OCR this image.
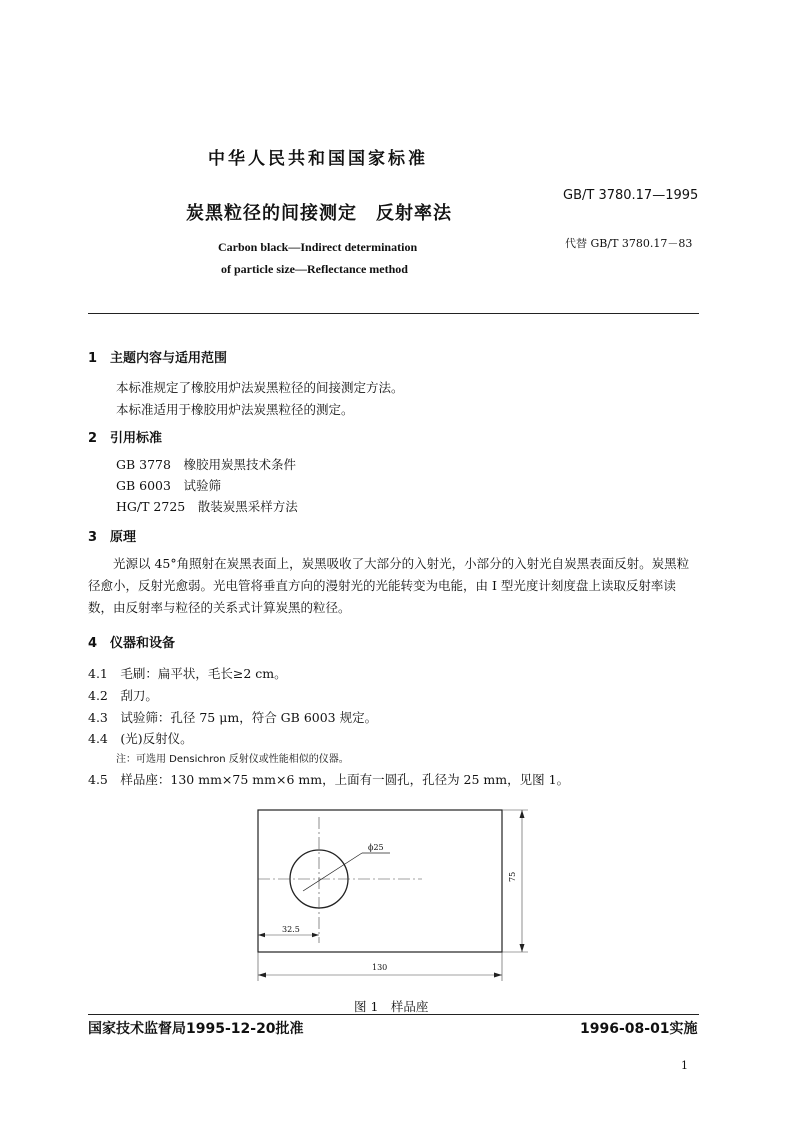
中华人民共和国国家标准
炭黑粒径的间接测定　反射率法
Carbon black—Indirect determination
of particle size—Reflectance method
GB/T 3780.17—1995
代替 GB/T 3780.17－83
1　主题内容与适用范围
本标准规定了橡胶用炉法炭黑粒径的间接测定方法。
本标准适用于橡胶用炉法炭黑粒径的测定。
2　引用标准
GB 3778　橡胶用炭黑技术条件
GB 6003　试验筛
HG/T 2725　散装炭黑采样方法
3　原理
光源以 45°角照射在炭黑表面上，炭黑吸收了大部分的入射光，小部分的入射光自炭黑表面反射。炭黑粒径愈小，反射光愈弱。光电管将垂直方向的漫射光的光能转变为电能，由 I 型光度计刻度盘上读取反射率读数，由反射率与粒径的关系式计算炭黑的粒径。
4　仪器和设备
4.1　毛刷：扁平状，毛长≥2 cm。
4.2　刮刀。
4.3　试验筛：孔径 75 μm，符合 GB 6003 规定。
4.4　(光)反射仪。
注：可选用 Densichron 反射仪或性能相似的仪器。
4.5　样品座：130 mm×75 mm×6 mm，上面有一圆孔，孔径为 25 mm，见图 1。
ϕ25
75
32.5
130
图 1　样品座
国家技术监督局1995-12-20批准	1996-08-01实施
1
